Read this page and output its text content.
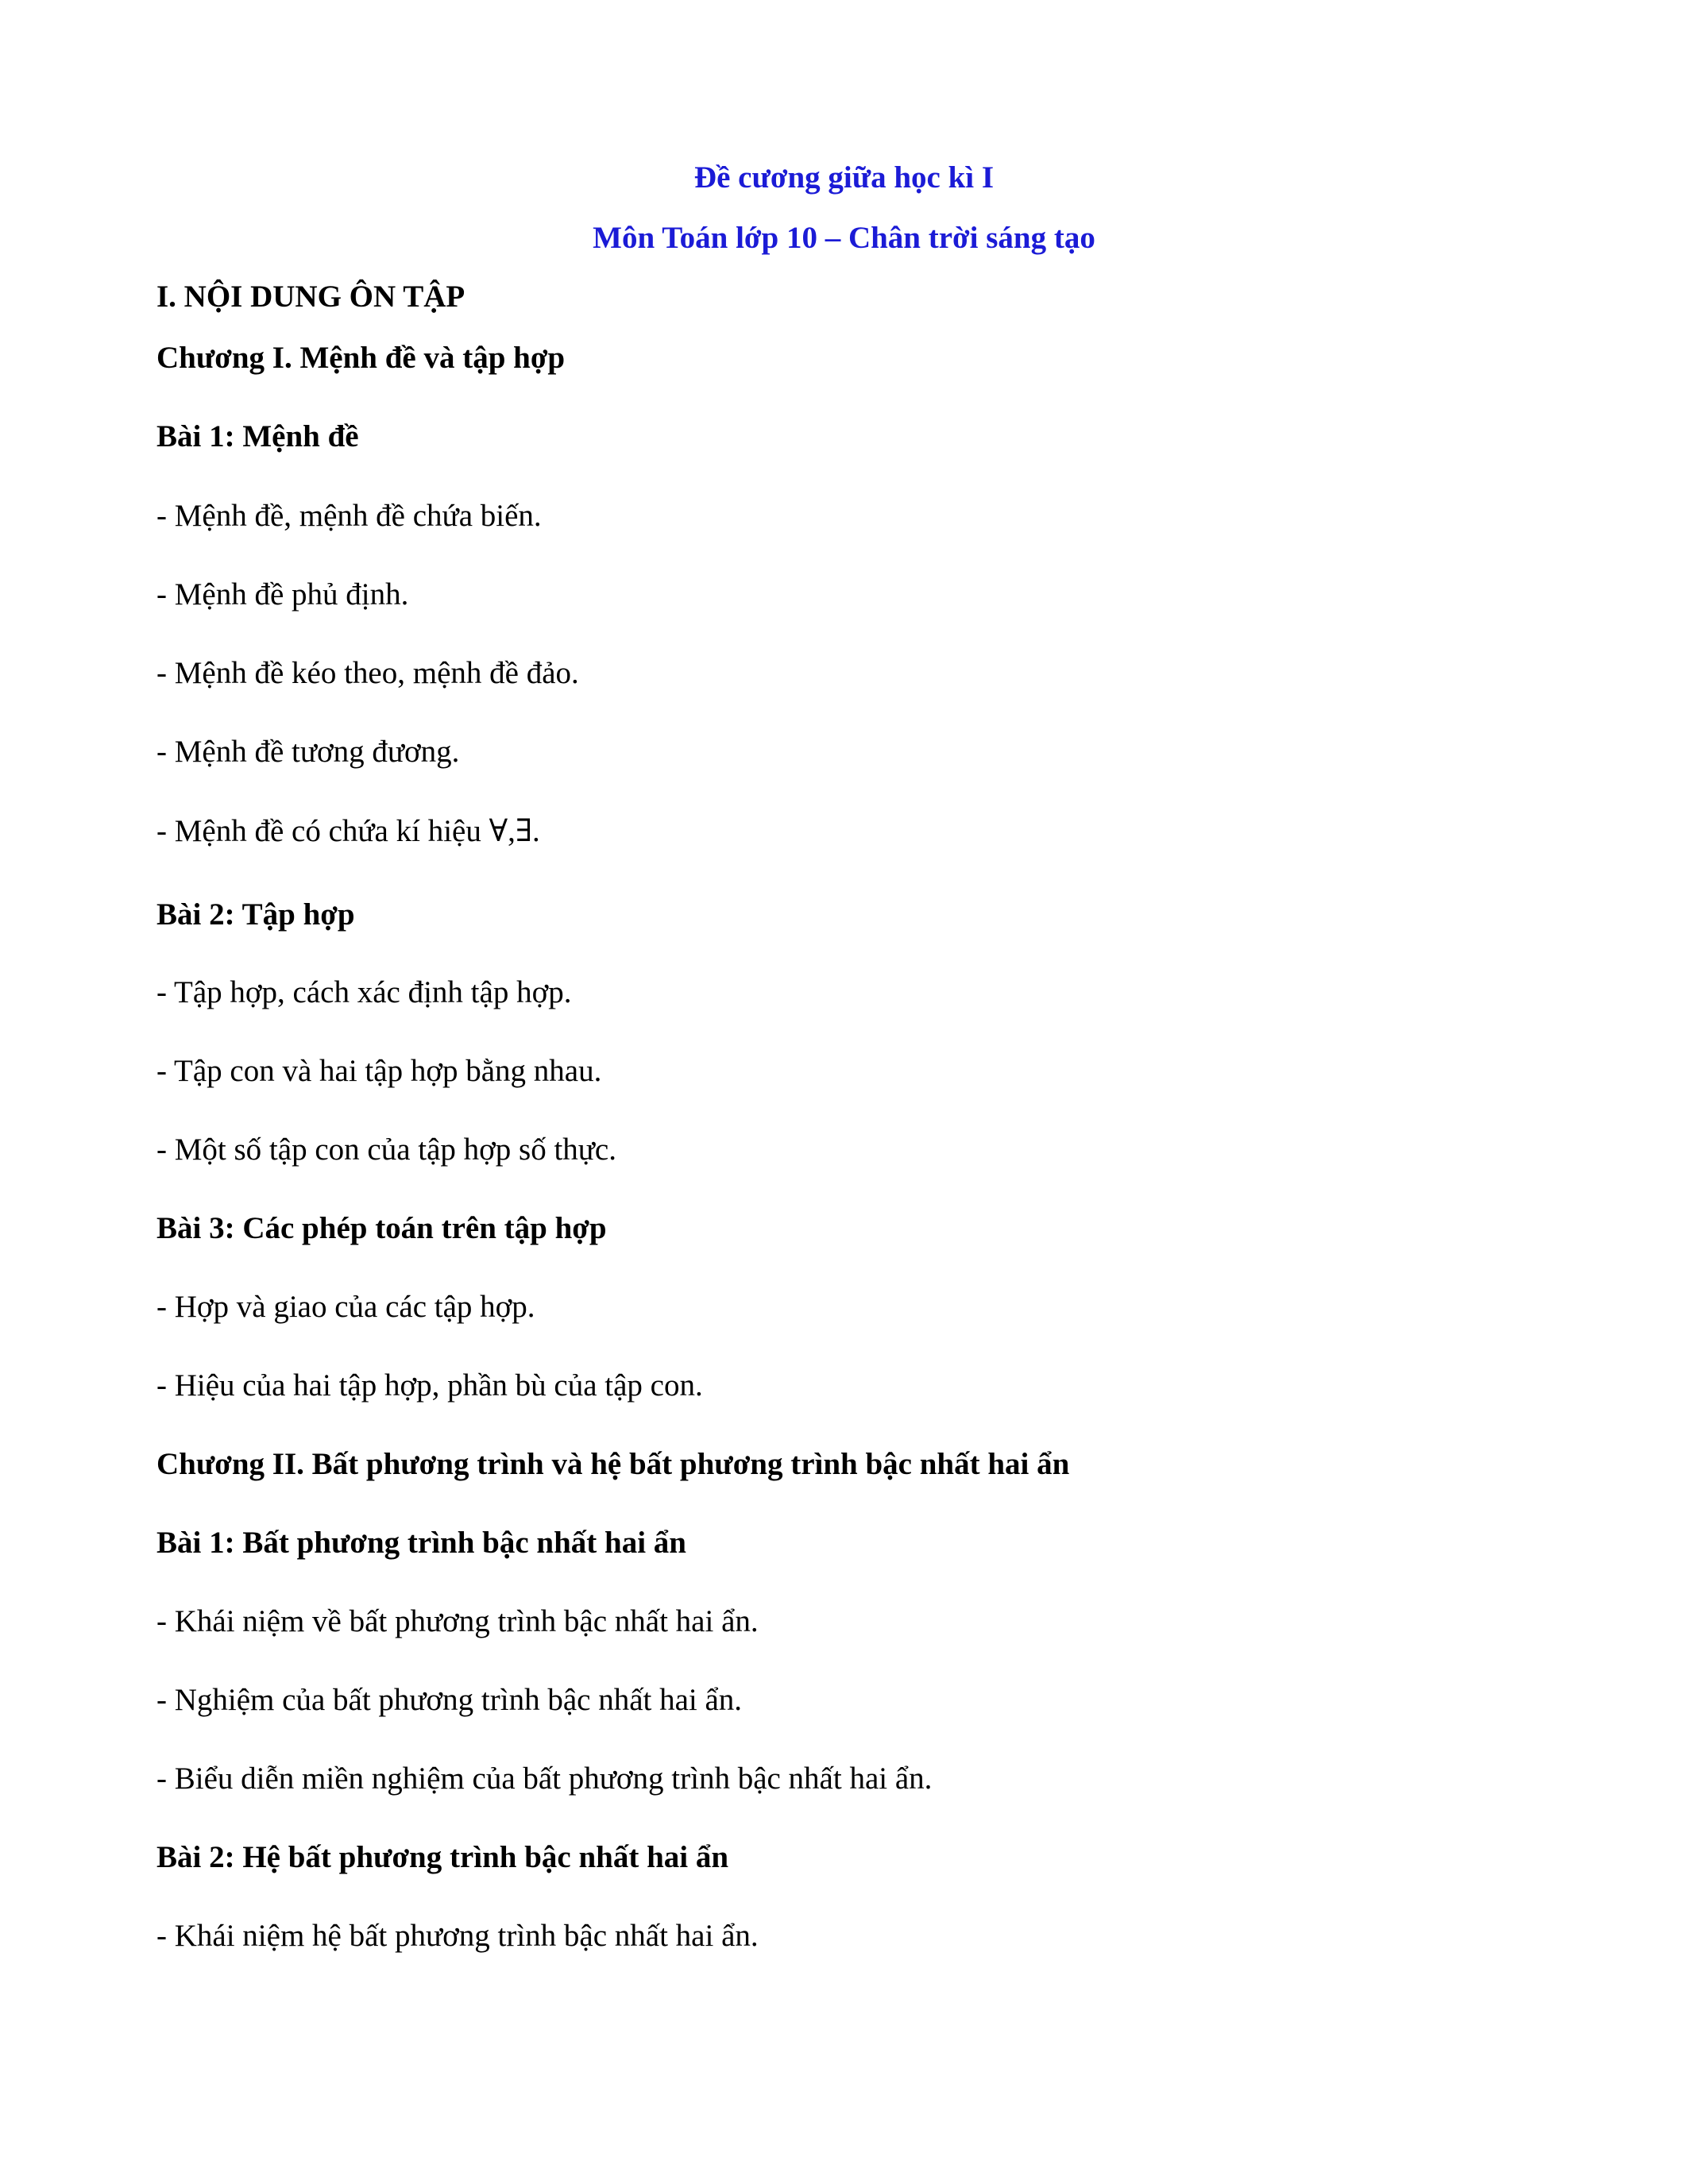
Đề cương giữa học kì I
Môn Toán lớp 10 – Chân trời sáng tạo
I. NỘI DUNG ÔN TẬP
Chương I. Mệnh đề và tập hợp
Bài 1: Mệnh đề
- Mệnh đề, mệnh đề chứa biến.
- Mệnh đề phủ định.
- Mệnh đề kéo theo, mệnh đề đảo.
- Mệnh đề tương đương.
- Mệnh đề có chứa kí hiệu ∀,∃.
Bài 2: Tập hợp
- Tập hợp, cách xác định tập hợp.
- Tập con và hai tập hợp bằng nhau.
- Một số tập con của tập hợp số thực.
Bài 3: Các phép toán trên tập hợp
- Hợp và giao của các tập hợp.
- Hiệu của hai tập hợp, phần bù của tập con.
Chương II. Bất phương trình và hệ bất phương trình bậc nhất hai ẩn
Bài 1: Bất phương trình bậc nhất hai ẩn
- Khái niệm về bất phương trình bậc nhất hai ẩn.
- Nghiệm của bất phương trình bậc nhất hai ẩn.
- Biểu diễn miền nghiệm của bất phương trình bậc nhất hai ẩn.
Bài 2: Hệ bất phương trình bậc nhất hai ẩn
- Khái niệm hệ bất phương trình bậc nhất hai ẩn.
